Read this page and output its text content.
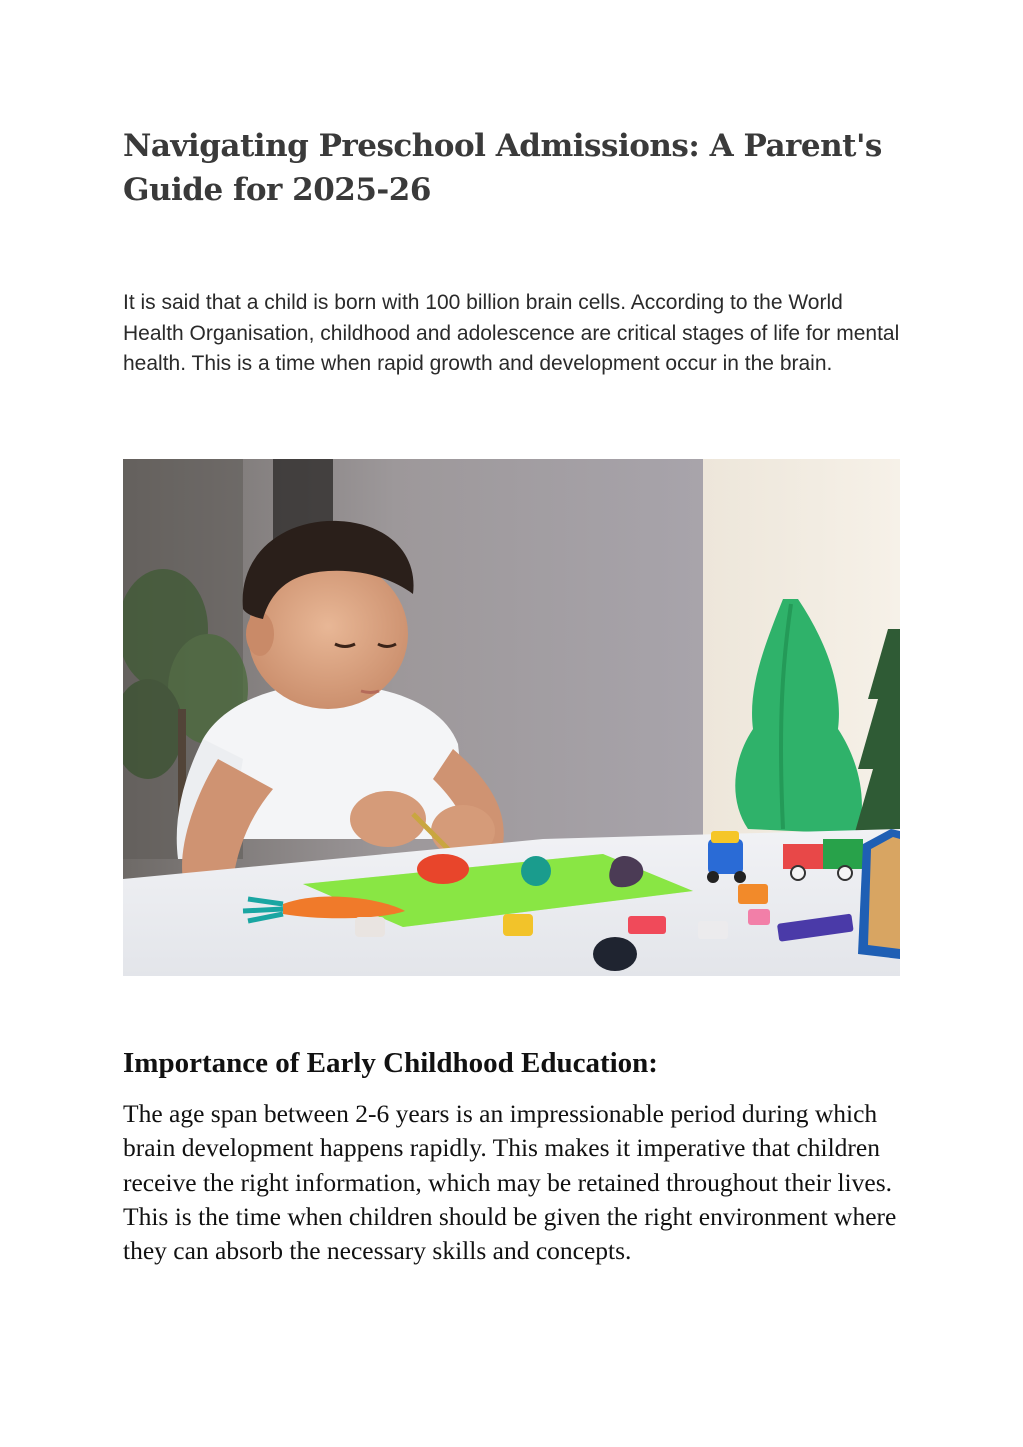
Navigating Preschool Admissions: A Parent's Guide for 2025-26

It is said that a child is born with 100 billion brain cells. According to the World Health Organisation, childhood and adolescence are critical stages of life for mental health. This is a time when rapid growth and development occur in the brain.

Importance of Early Childhood Education:

The age span between 2-6 years is an impressionable period during which brain development happens rapidly. This makes it imperative that children receive the right information, which may be retained throughout their lives. This is the time when children should be given the right environment where they can absorb the necessary skills and concepts.
